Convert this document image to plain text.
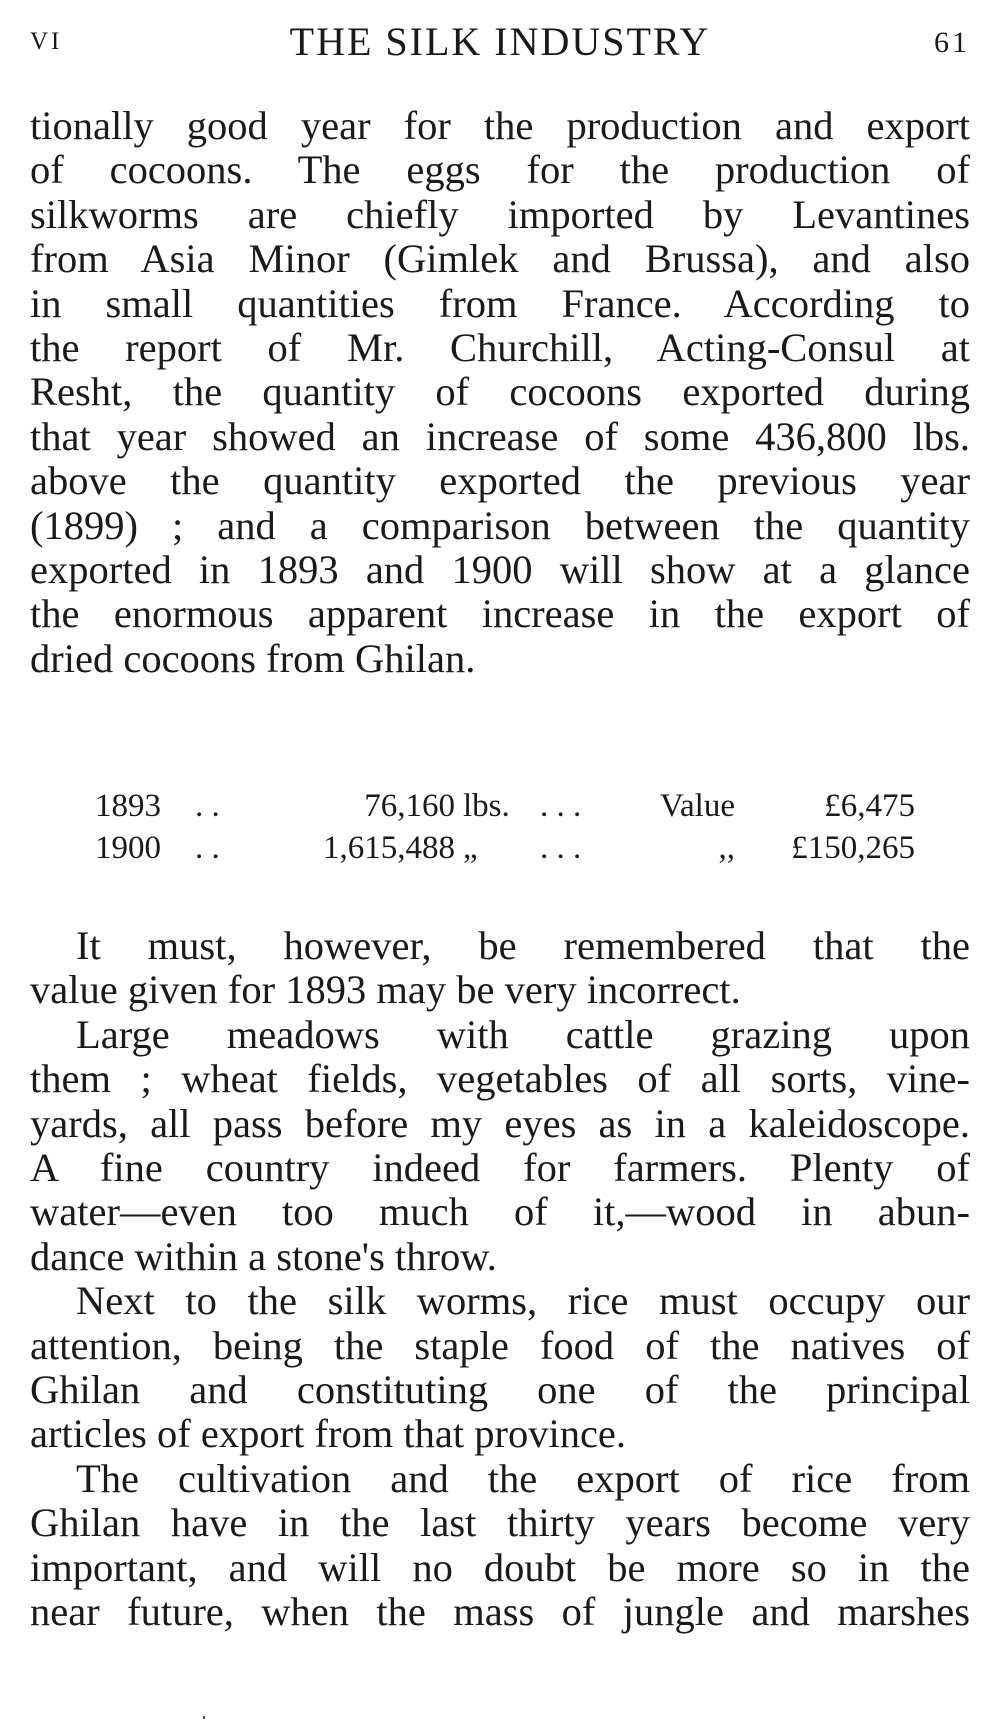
VI	THE SILK INDUSTRY	61
tionally good year for the production and export
of cocoons. The eggs for the production of
silkworms are chiefly imported by Levantines
from Asia Minor (Gimlek and Brussa), and also
in small quantities from France. According to
the report of Mr. Churchill, Acting-Consul at
Resht, the quantity of cocoons exported during
that year showed an increase of some 436,800 lbs.
above the quantity exported the previous year
(1899) ; and a comparison between the quantity
exported in 1893 and 1900 will show at a glance
the enormous apparent increase in the export of
dried cocoons from Ghilan.
1893 . .	76,160 lbs. . . .	Value	£6,475
1900 . .	1,615,488 „ . . .	,,	£150,265
It must, however, be remembered that the
value given for 1893 may be very incorrect.
Large meadows with cattle grazing upon
them ; wheat fields, vegetables of all sorts, vine-
yards, all pass before my eyes as in a kaleidoscope.
A fine country indeed for farmers. Plenty of
water—even too much of it,—wood in abun-
dance within a stone's throw.
Next to the silk worms, rice must occupy our
attention, being the staple food of the natives of
Ghilan and constituting one of the principal
articles of export from that province.
The cultivation and the export of rice from
Ghilan have in the last thirty years become very
important, and will no doubt be more so in the
near future, when the mass of jungle and marshes
